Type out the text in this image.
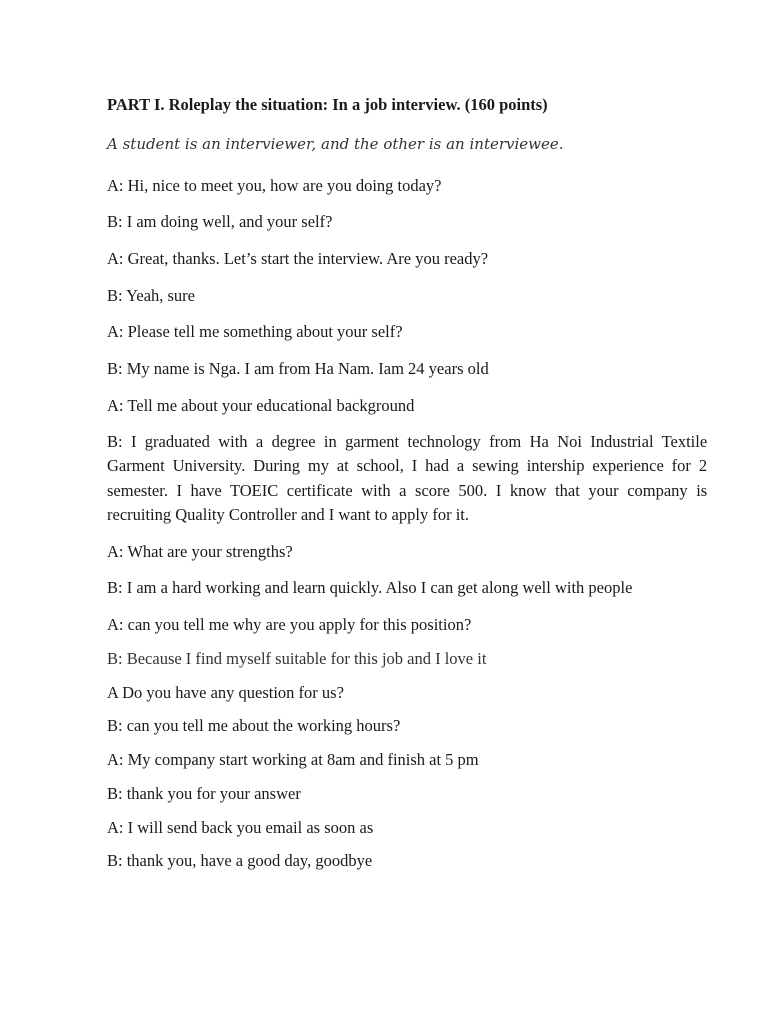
PART I. Roleplay the situation: In a job interview. (160 points)

A student is an interviewer, and the other is an interviewee.

A: Hi, nice to meet you, how are you doing today?

B: I am doing well, and your self?

A: Great, thanks. Let’s start the interview. Are you ready?

B: Yeah, sure

A: Please tell me something about your self?

B: My name is Nga. I am from Ha Nam. Iam 24 years old

A: Tell me about your educational background

B: I graduated with a degree in garment technology from Ha Noi Industrial Textile
Garment University. During my at school, I had a sewing intership experience for 2
semester. I have TOEIC certificate with a score 500. I know that your company is
recruiting Quality Controller and I want to apply for it.

A: What are your strengths?

B: I am a hard working and learn quickly. Also I can get along well with people

A: can you tell me why are you apply for this position?

B: Because I find myself suitable for this job and I love it

A Do you have any question for us?

B: can you tell me about the working hours?

A: My company start working at 8am and finish at 5 pm

B: thank you for your answer

A: I will send back you email as soon as

B: thank you, have a good day, goodbye
